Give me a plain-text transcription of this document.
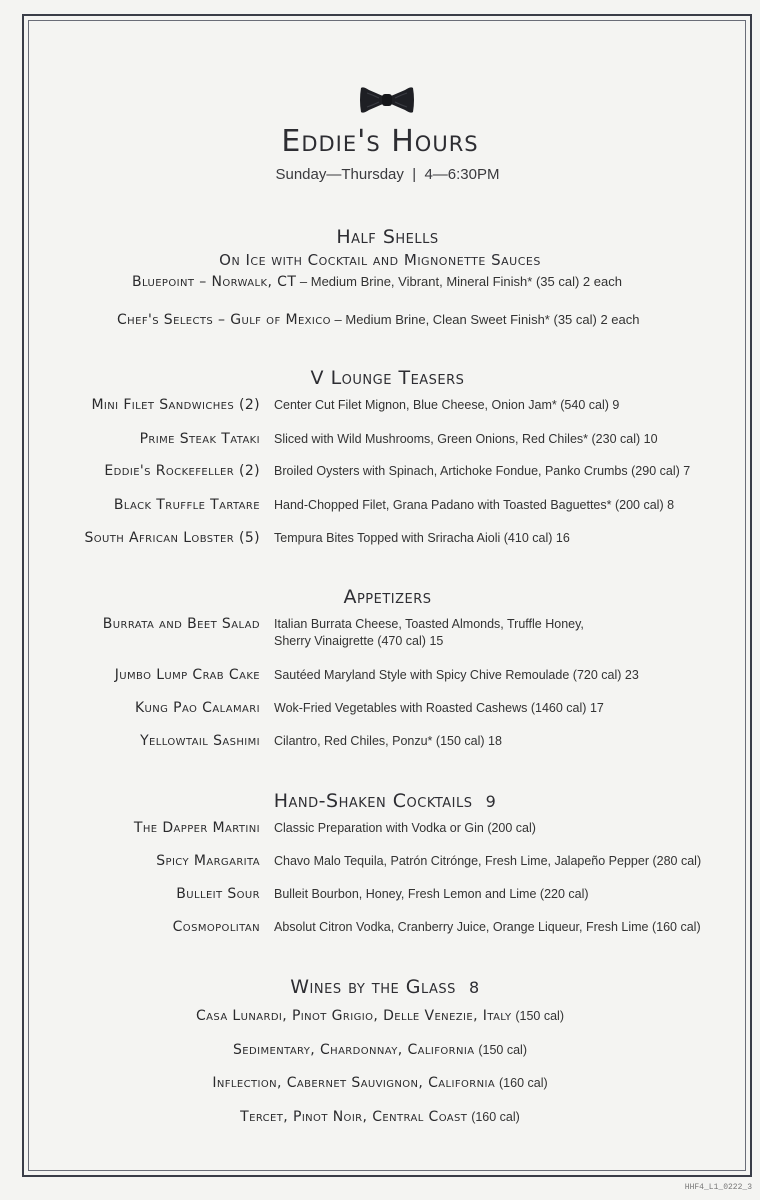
Eddie's Hours
Sunday—Thursday  |  4—6:30PM
Half Shells
On Ice with Cocktail and Mignonette Sauces
Bluepoint – Norwalk, CT – Medium Brine, Vibrant, Mineral Finish* (35 cal) 2 each
Chef's Selects – Gulf of Mexico – Medium Brine, Clean Sweet Finish* (35 cal) 2 each
V Lounge Teasers
Mini Filet Sandwiches (2) Center Cut Filet Mignon, Blue Cheese, Onion Jam* (540 cal) 9
Prime Steak Tataki Sliced with Wild Mushrooms, Green Onions, Red Chiles* (230 cal) 10
Eddie's Rockefeller (2) Broiled Oysters with Spinach, Artichoke Fondue, Panko Crumbs (290 cal) 7
Black Truffle Tartare Hand-Chopped Filet, Grana Padano with Toasted Baguettes* (200 cal) 8
South African Lobster (5) Tempura Bites Topped with Sriracha Aioli (410 cal) 16
Appetizers
Burrata and Beet Salad Italian Burrata Cheese, Toasted Almonds, Truffle Honey,
Sherry Vinaigrette (470 cal) 15
Jumbo Lump Crab Cake Sautéed Maryland Style with Spicy Chive Remoulade (720 cal) 23
Kung Pao Calamari Wok-Fried Vegetables with Roasted Cashews (1460 cal) 17
Yellowtail Sashimi Cilantro, Red Chiles, Ponzu* (150 cal) 18
Hand-Shaken Cocktails 9
The Dapper Martini Classic Preparation with Vodka or Gin (200 cal)
Spicy Margarita Chavo Malo Tequila, Patrón Citrónge, Fresh Lime, Jalapeño Pepper (280 cal)
Bulleit Sour Bulleit Bourbon, Honey, Fresh Lemon and Lime (220 cal)
Cosmopolitan Absolut Citron Vodka, Cranberry Juice, Orange Liqueur, Fresh Lime (160 cal)
Wines by the Glass 8
Casa Lunardi, Pinot Grigio, Delle Venezie, Italy (150 cal)
Sedimentary, Chardonnay, California (150 cal)
Inflection, Cabernet Sauvignon, California (160 cal)
Tercet, Pinot Noir, Central Coast (160 cal)
HHF4_L1_0222_3
